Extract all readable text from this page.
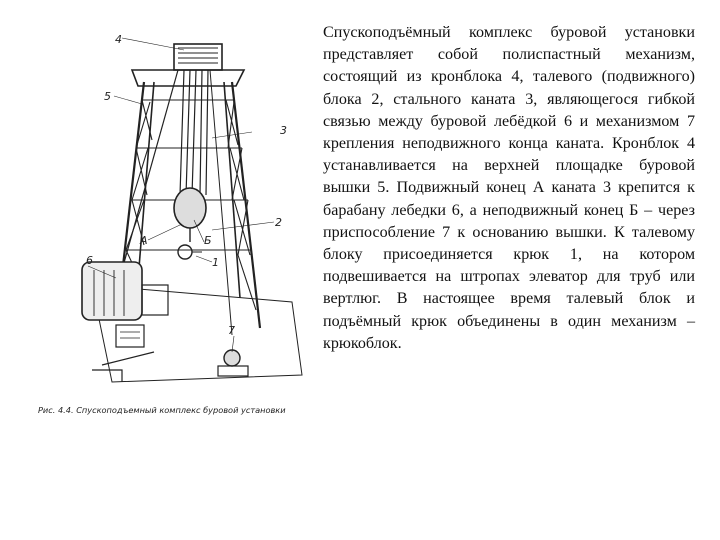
4
5
3
2
А	Б
1
6
7
Рис. 4.4. Спускоподъемный комплекс буровой установки

Спускоподъёмный комплекс буровой установки представляет собой полиспастный механизм, состоящий из кронблока 4, талевого (подвижного) блока 2, стального каната 3, являющегося гибкой связью между буровой лебёдкой 6 и механизмом 7 крепления неподвижного конца каната. Кронблок 4 устанавливается на верхней площадке буровой вышки 5. Подвижный конец А каната 3 крепится к барабану лебедки 6, а неподвижный конец Б – через приспособление 7 к основанию вышки. К талевому блоку присоединяется крюк 1, на котором подвешивается на штропах элеватор для труб или вертлюг. В настоящее время талевый блок и подъёмный крюк объединены в один механизм – крюкоблок.
